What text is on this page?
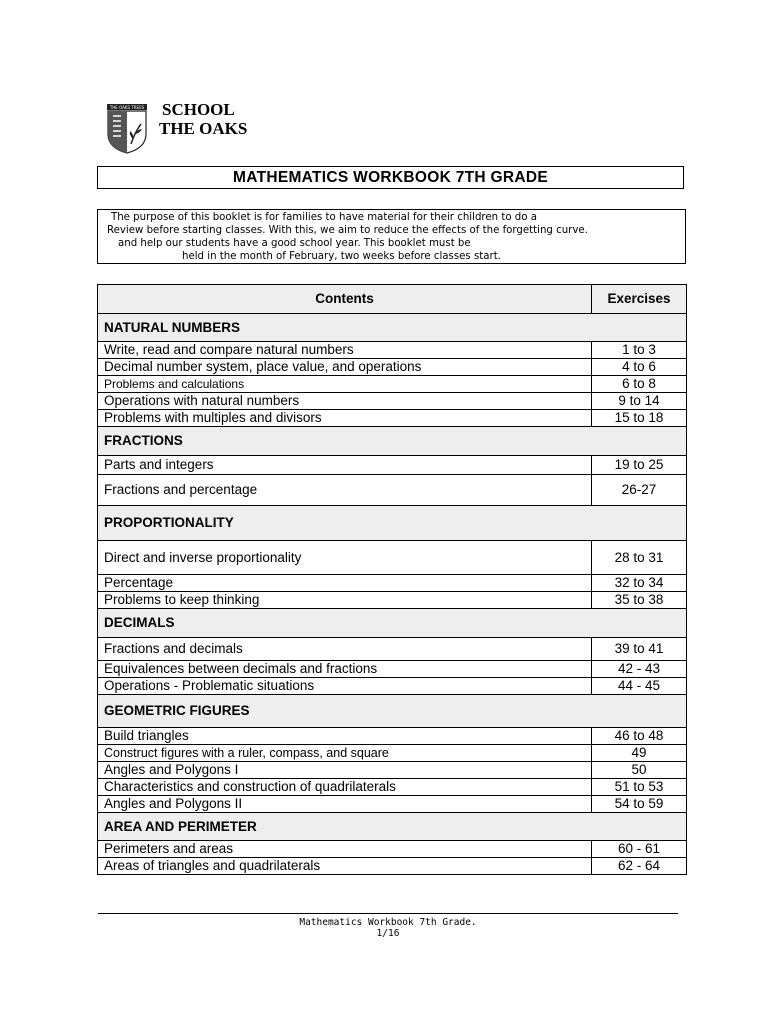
THE OAKS TREES SCHOOL
THE OAKS
MATHEMATICS WORKBOOK 7TH GRADE
The purpose of this booklet is for families to have material for their children to do a
Review before starting classes. With this, we aim to reduce the effects of the forgetting curve.
and help our students have a good school year. This booklet must be
held in the month of February, two weeks before classes start.
Contents	Exercises
NATURAL NUMBERS	
Write, read and compare natural numbers	1 to 3
Decimal number system, place value, and operations	4 to 6
Problems and calculations	6 to 8
Operations with natural numbers	9 to 14
Problems with multiples and divisors	15 to 18
FRACTIONS	
Parts and integers	19 to 25
Fractions and percentage	26-27
PROPORTIONALITY	
Direct and inverse proportionality	28 to 31
Percentage	32 to 34
Problems to keep thinking	35 to 38
DECIMALS	
Fractions and decimals	39 to 41
Equivalences between decimals and fractions	42 - 43
Operations - Problematic situations	44 - 45
GEOMETRIC FIGURES	
Build triangles	46 to 48
Construct figures with a ruler, compass, and square	49
Angles and Polygons I	50
Characteristics and construction of quadrilaterals	51 to 53
Angles and Polygons II	54 to 59
AREA AND PERIMETER	
Perimeters and areas	60 - 61
Areas of triangles and quadrilaterals	62 - 64
Mathematics Workbook 7th Grade.
1/16
